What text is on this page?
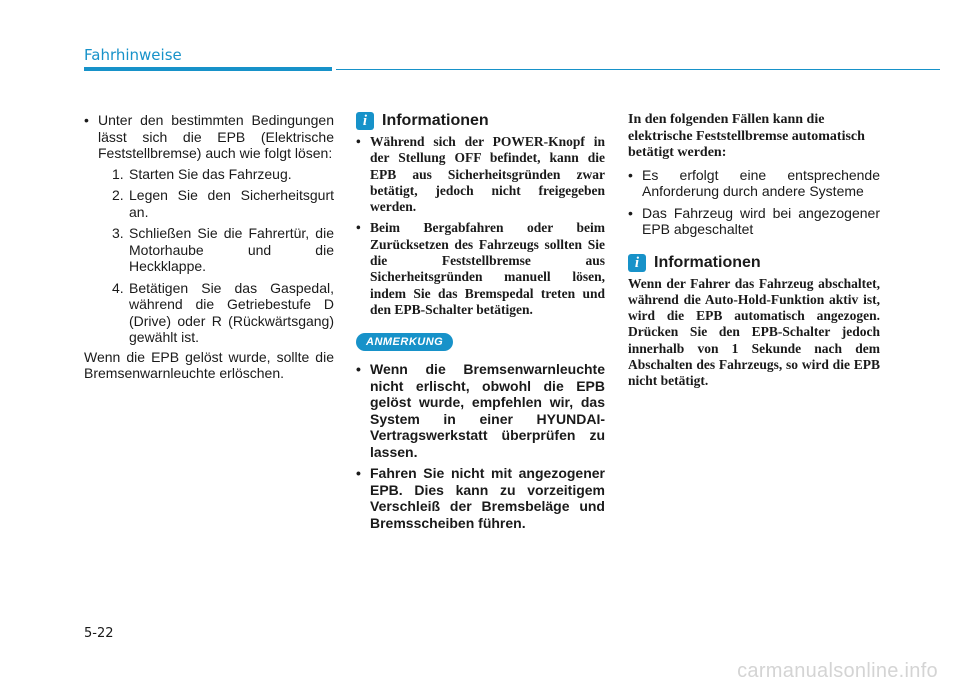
Fahrhinweise
• Unter den bestimmten Bedingungen lässt sich die EPB (Elektrische Feststellbremse) auch wie folgt lösen:
1. Starten Sie das Fahrzeug.
2. Legen Sie den Sicherheitsgurt an.
3. Schließen Sie die Fahrertür, die Motorhaube und die Heckklappe.
4. Betätigen Sie das Gaspedal, während die Getriebestufe D (Drive) oder R (Rückwärtsgang) gewählt ist.
Wenn die EPB gelöst wurde, sollte die Bremsenwarnleuchte erlöschen.
i Informationen
• Während sich der POWER-Knopf in der Stellung OFF befindet, kann die EPB aus Sicherheitsgründen zwar betätigt, jedoch nicht freigegeben werden.
• Beim Bergabfahren oder beim Zurücksetzen des Fahrzeugs sollten Sie die Feststellbremse aus Sicherheitsgründen manuell lösen, indem Sie das Bremspedal treten und den EPB-Schalter betätigen.
ANMERKUNG
• Wenn die Bremsenwarnleuchte nicht erlischt, obwohl die EPB gelöst wurde, empfehlen wir, das System in einer HYUNDAI-Vertragswerkstatt überprüfen zu lassen.
• Fahren Sie nicht mit angezogener EPB. Dies kann zu vorzeitigem Verschleiß der Bremsbeläge und Bremsscheiben führen.
In den folgenden Fällen kann die elektrische Feststellbremse automatisch betätigt werden:
• Es erfolgt eine entsprechende Anforderung durch andere Systeme
• Das Fahrzeug wird bei angezogener EPB abgeschaltet
i Informationen
Wenn der Fahrer das Fahrzeug abschaltet, während die Auto-Hold-Funktion aktiv ist, wird die EPB automatisch angezogen. Drücken Sie den EPB-Schalter jedoch innerhalb von 1 Sekunde nach dem Abschalten des Fahrzeugs, so wird die EPB nicht betätigt.
5-22
carmanualsonline.info
